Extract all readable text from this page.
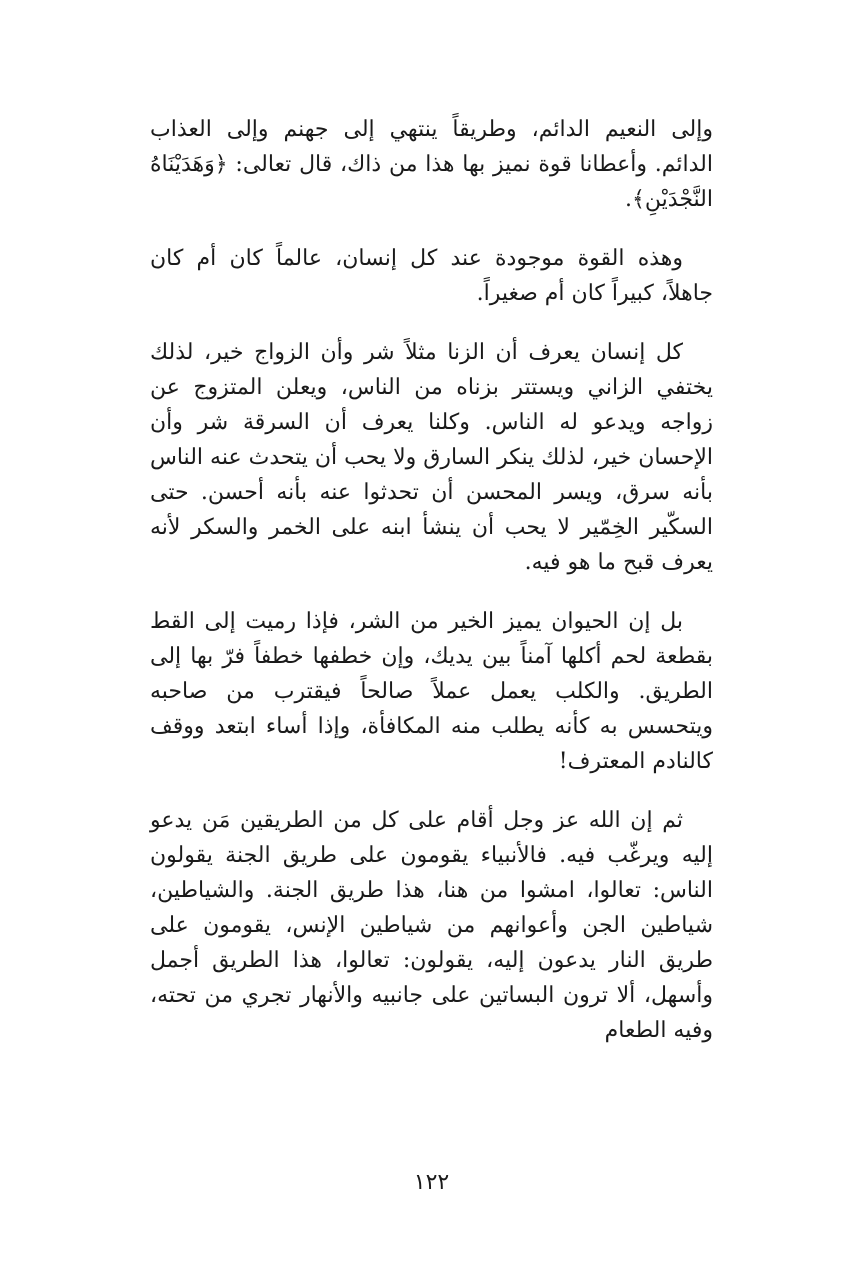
وإلى النعيم الدائم، وطريقاً ينتهي إلى جهنم وإلى العذاب الدائم. وأعطانا قوة نميز بها هذا من ذاك، قال تعالى: ﴿وَهَدَيْنَاهُ النَّجْدَيْنِ﴾.

وهذه القوة موجودة عند كل إنسان، عالماً كان أم كان جاهلاً، كبيراً كان أم صغيراً.

كل إنسان يعرف أن الزنا مثلاً شر وأن الزواج خير، لذلك يختفي الزاني ويستتر بزناه من الناس، ويعلن المتزوج عن زواجه ويدعو له الناس. وكلنا يعرف أن السرقة شر وأن الإحسان خير، لذلك ينكر السارق ولا يحب أن يتحدث عنه الناس بأنه سرق، ويسر المحسن أن تحدثوا عنه بأنه أحسن. حتى السكّير الخِمّير لا يحب أن ينشأ ابنه على الخمر والسكر لأنه يعرف قبح ما هو فيه.

بل إن الحيوان يميز الخير من الشر، فإذا رميت إلى القط بقطعة لحم أكلها آمناً بين يديك، وإن خطفها خطفاً فرّ بها إلى الطريق. والكلب يعمل عملاً صالحاً فيقترب من صاحبه ويتحسس به كأنه يطلب منه المكافأة، وإذا أساء ابتعد ووقف كالنادم المعترف!

ثم إن الله عز وجل أقام على كل من الطريقين مَن يدعو إليه ويرغّب فيه. فالأنبياء يقومون على طريق الجنة يقولون الناس: تعالوا، امشوا من هنا، هذا طريق الجنة. والشياطين، شياطين الجن وأعوانهم من شياطين الإنس، يقومون على طريق النار يدعون إليه، يقولون: تعالوا، هذا الطريق أجمل وأسهل، ألا ترون البساتين على جانبيه والأنهار تجري من تحته، وفيه الطعام

١٢٢
